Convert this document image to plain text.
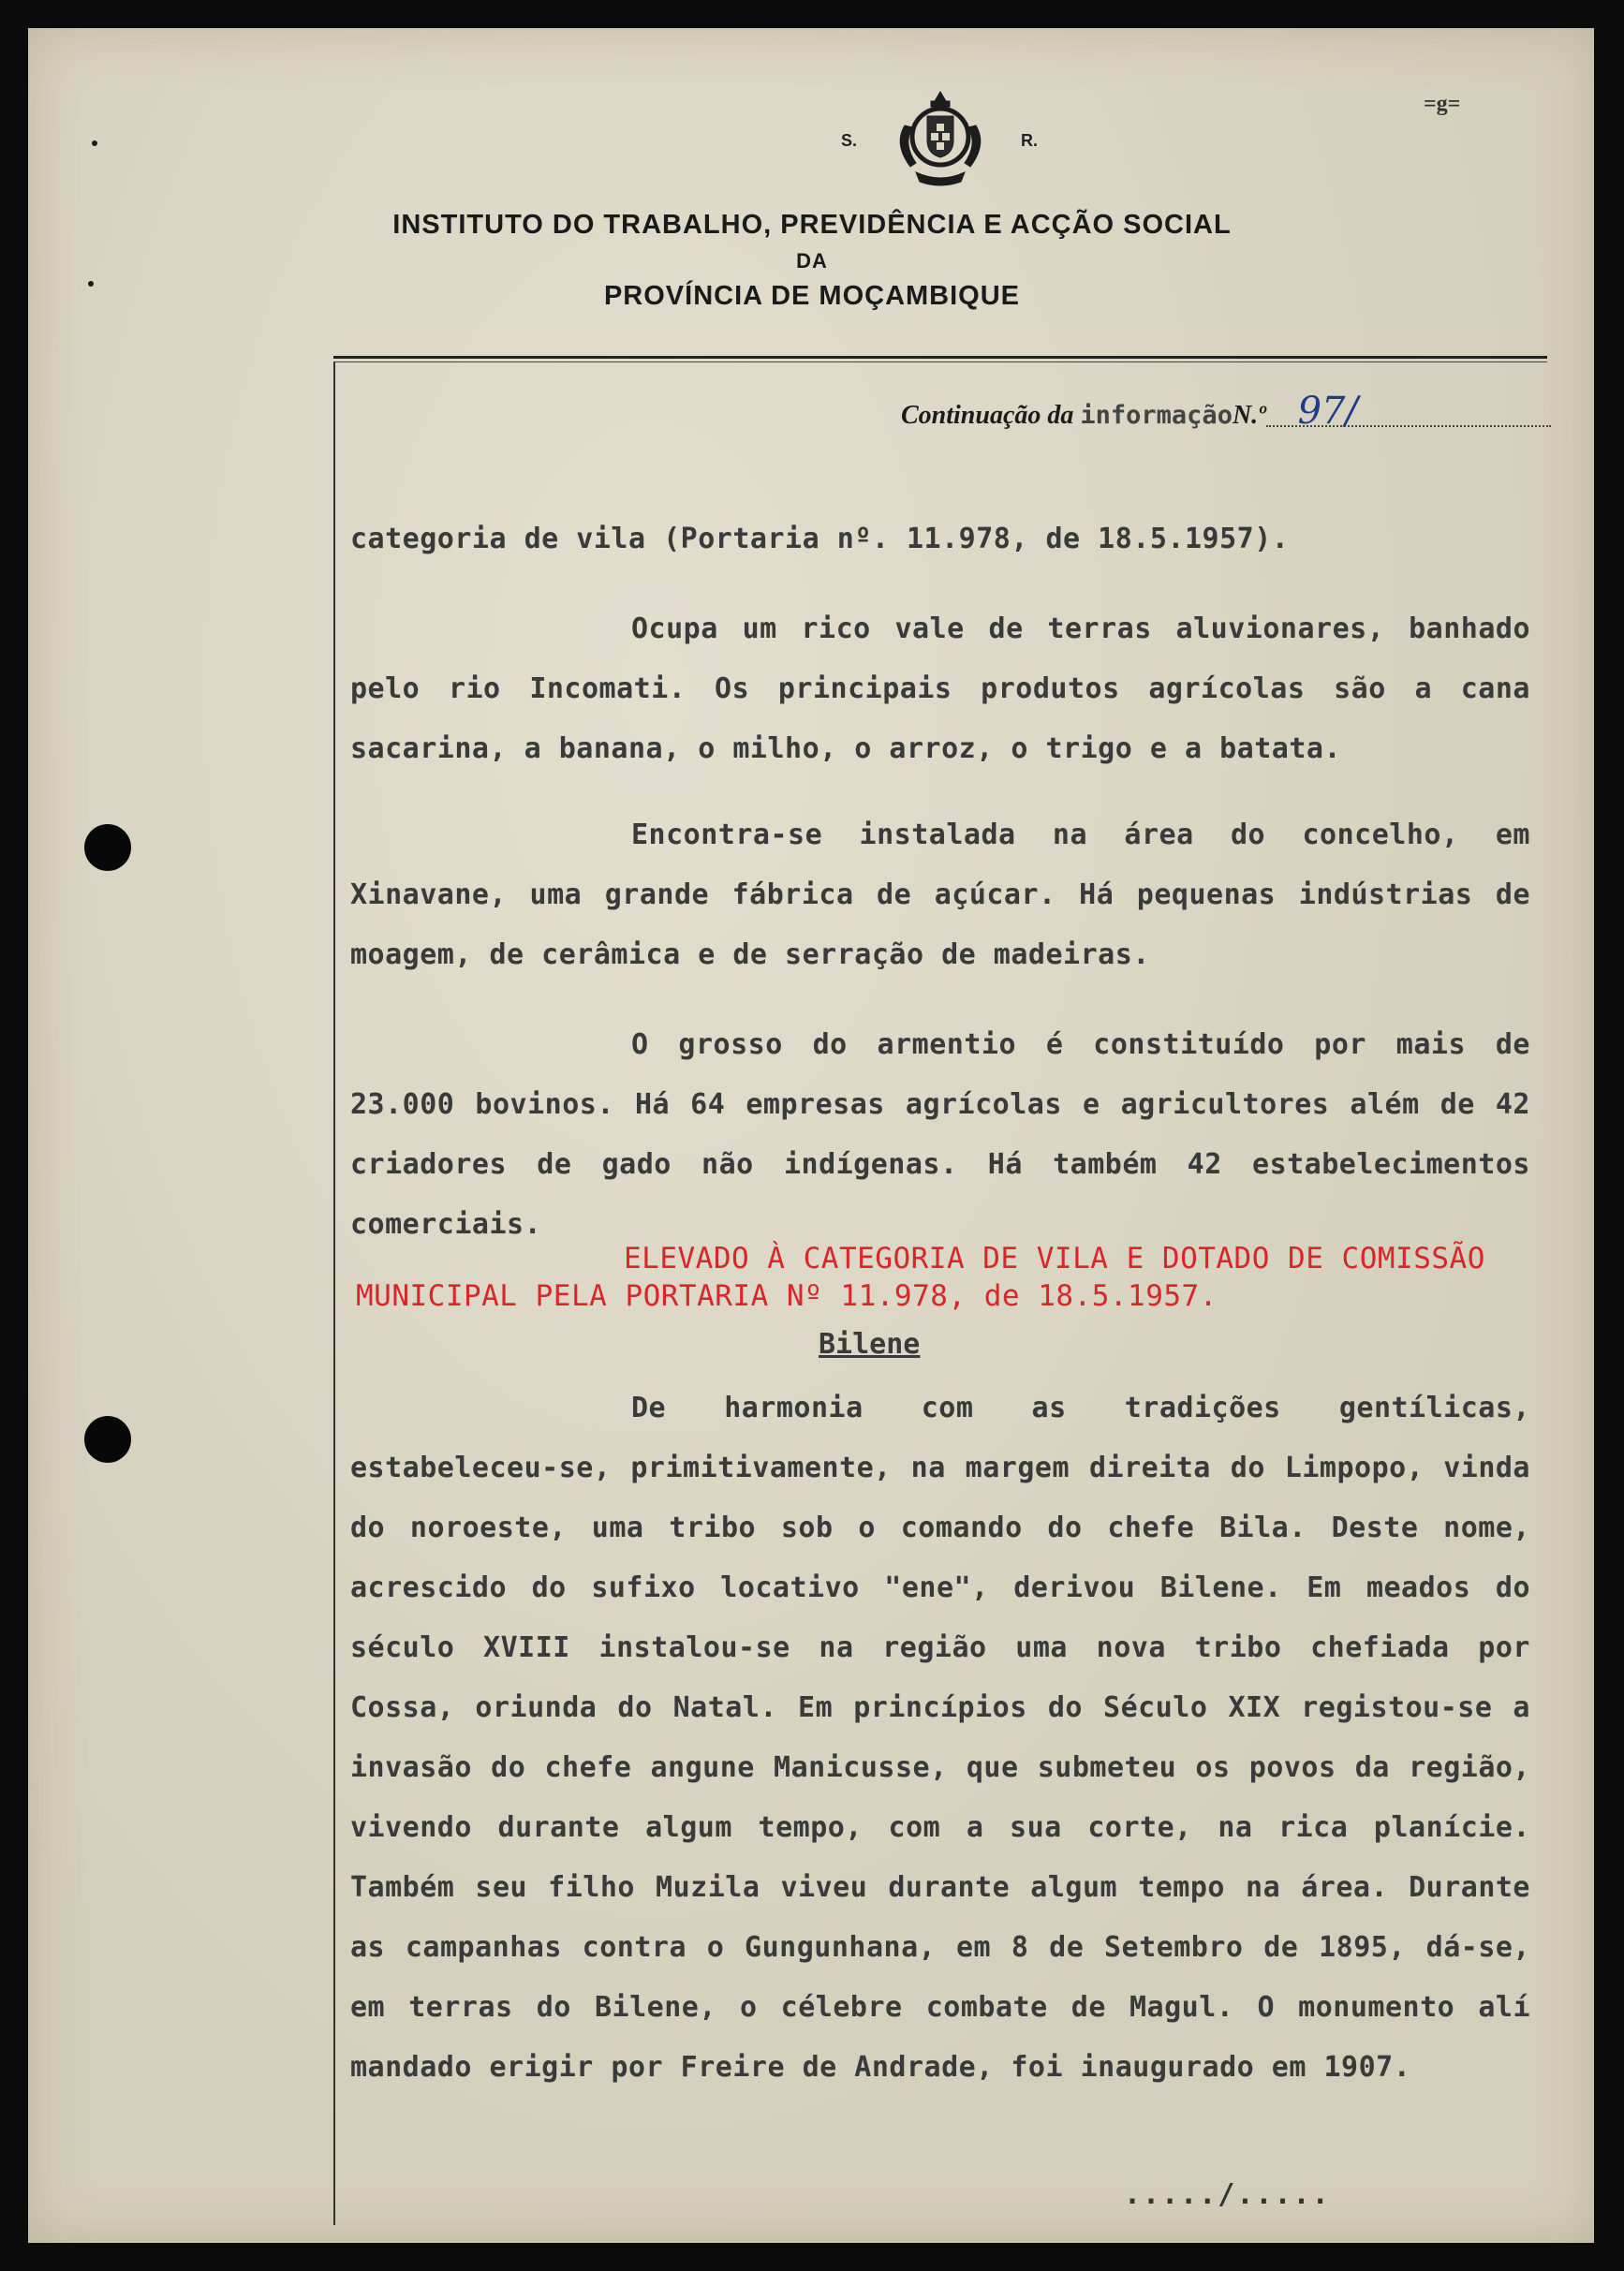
S.	R.
=g=
INSTITUTO DO TRABALHO, PREVIDÊNCIA E ACÇÃO SOCIAL
DA
PROVÍNCIA DE MOÇAMBIQUE
Continuação da informaçãoN.º 97/

categoria de vila (Portaria nº. 11.978, de 18.5.1957).

Ocupa um rico vale de terras aluvionares, banhado pelo rio Incomati. Os principais produtos agrícolas são a cana sacarina, a banana, o milho, o arroz, o trigo e a batata.

Encontra-se instalada na área do concelho, em Xinavane, uma grande fábrica de açúcar. Há pequenas indústrias de moagem, de cerâmica e de serração de madeiras.

O grosso do armentio é constituído por mais de 23.000 bovinos. Há 64 empresas agrícolas e agricultores além de 42 criadores de gado não indígenas. Há também 42 estabelecimentos comerciais.

ELEVADO À CATEGORIA DE VILA E DOTADO DE COMISSÃO
MUNICIPAL PELA PORTARIA Nº 11.978, de 18.5.1957.
Bilene

De harmonia com as tradições gentílicas, estabeleceu-se, primitivamente, na margem direita do Limpopo, vinda do noroeste, uma tribo sob o comando do chefe Bila. Deste nome, acrescido do sufixo locativo "ene", derivou Bilene. Em meados do século XVIII instalou-se na região uma nova tribo chefiada por Cossa, oriunda do Natal. Em princípios do Século XIX registou-se a invasão do chefe angune Manicusse, que submeteu os povos da região, vivendo durante algum tempo, com a sua corte, na rica planície. Também seu filho Muzila viveu durante algum tempo na área. Durante as campanhas contra o Gungunhana, em 8 de Setembro de 1895, dá-se, em terras do Bilene, o célebre combate de Magul. O monumento alí mandado erigir por Freire de Andrade, foi inaugurado em 1907.

...../.....
